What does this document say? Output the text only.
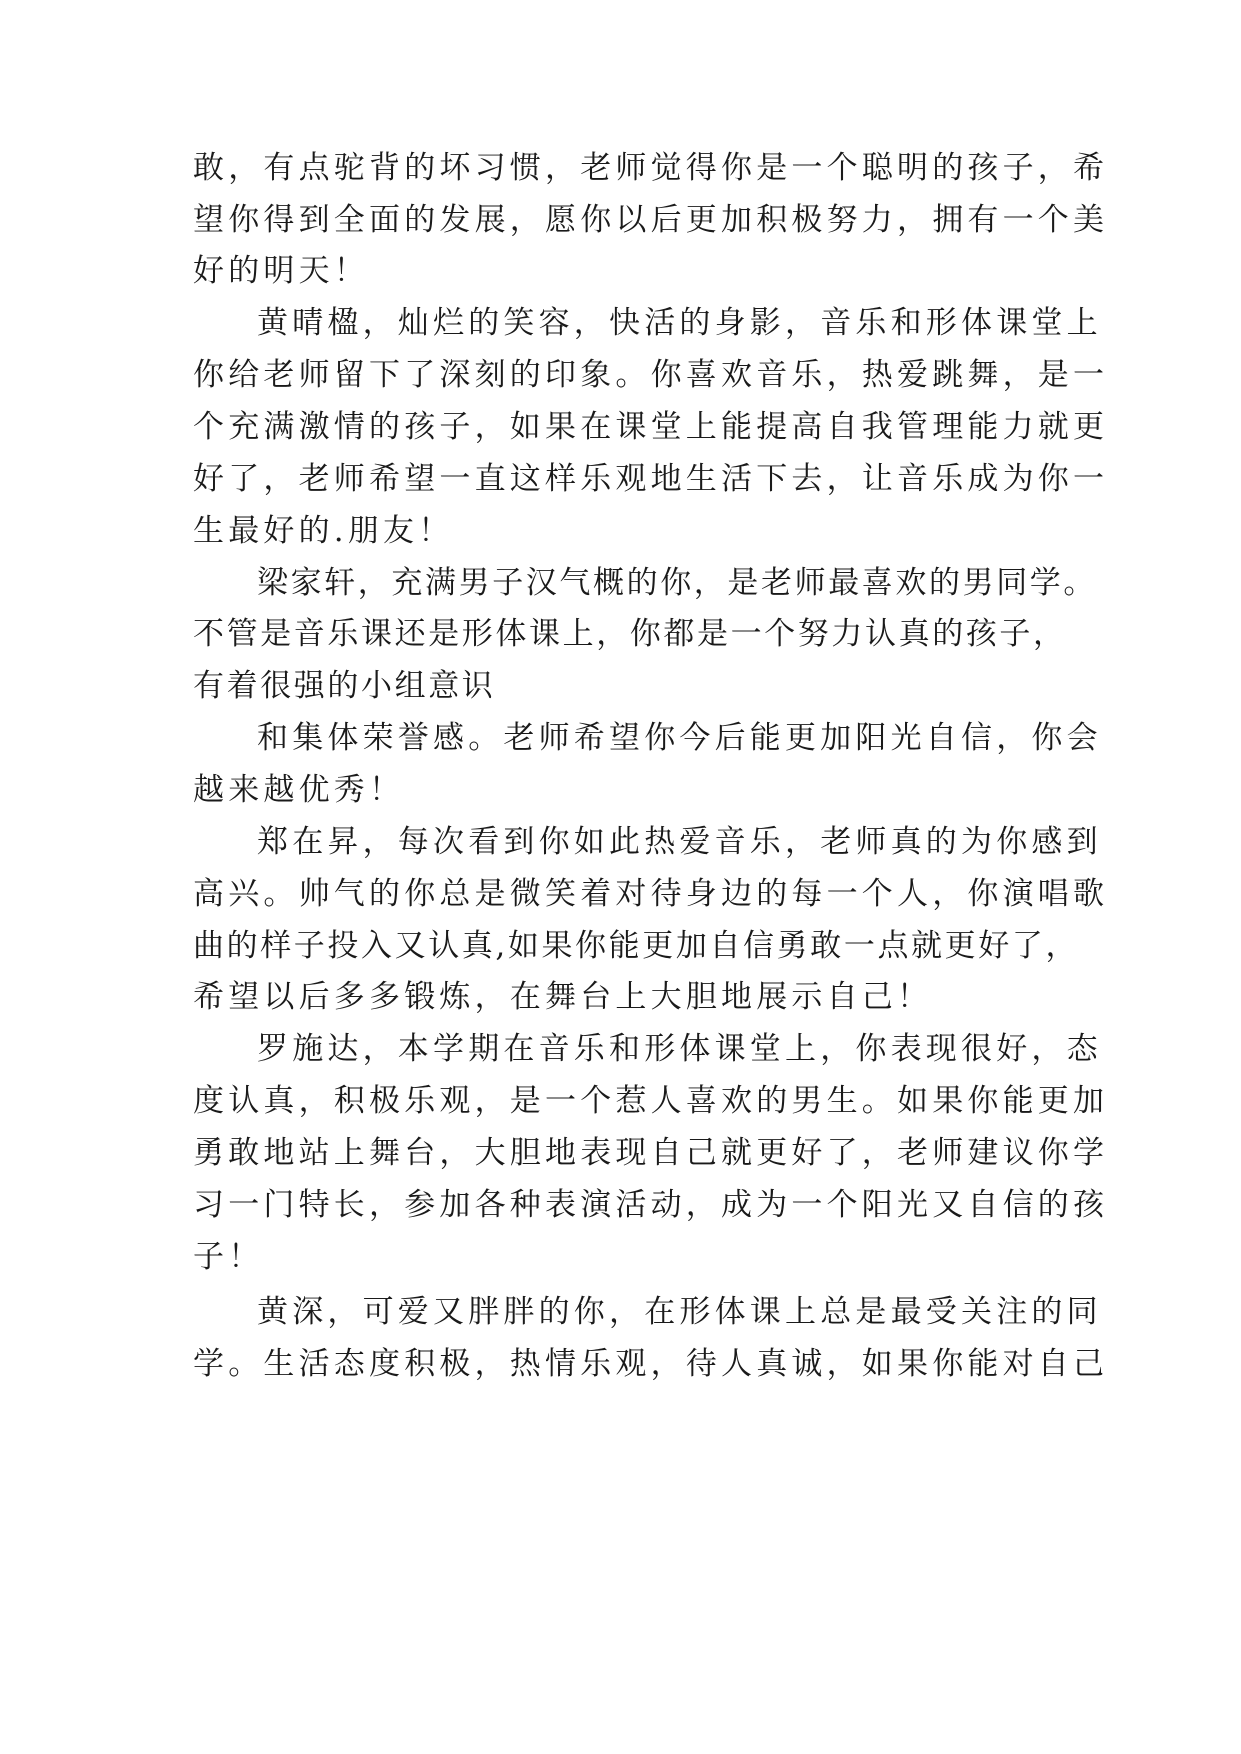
敢，有点驼背的坏习惯，老师觉得你是一个聪明的孩子，希
望你得到全面的发展，愿你以后更加积极努力，拥有一个美
好的明天！
黄晴楹，灿烂的笑容，快活的身影，音乐和形体课堂上
你给老师留下了深刻的印象。你喜欢音乐，热爱跳舞，是一
个充满激情的孩子，如果在课堂上能提高自我管理能力就更
好了，老师希望一直这样乐观地生活下去，让音乐成为你一
生最好的.朋友！
梁家轩，充满男子汉气概的你，是老师最喜欢的男同学。
不管是音乐课还是形体课上，你都是一个努力认真的孩子，
有着很强的小组意识
和集体荣誉感。老师希望你今后能更加阳光自信，你会
越来越优秀！
郑在昇，每次看到你如此热爱音乐，老师真的为你感到
高兴。帅气的你总是微笑着对待身边的每一个人，你演唱歌
曲的样子投入又认真,如果你能更加自信勇敢一点就更好了，
希望以后多多锻炼，在舞台上大胆地展示自己！
罗施达，本学期在音乐和形体课堂上，你表现很好，态
度认真，积极乐观，是一个惹人喜欢的男生。如果你能更加
勇敢地站上舞台，大胆地表现自己就更好了，老师建议你学
习一门特长，参加各种表演活动，成为一个阳光又自信的孩
子！
黄深，可爱又胖胖的你，在形体课上总是最受关注的同
学。生活态度积极，热情乐观，待人真诚，如果你能对自己
